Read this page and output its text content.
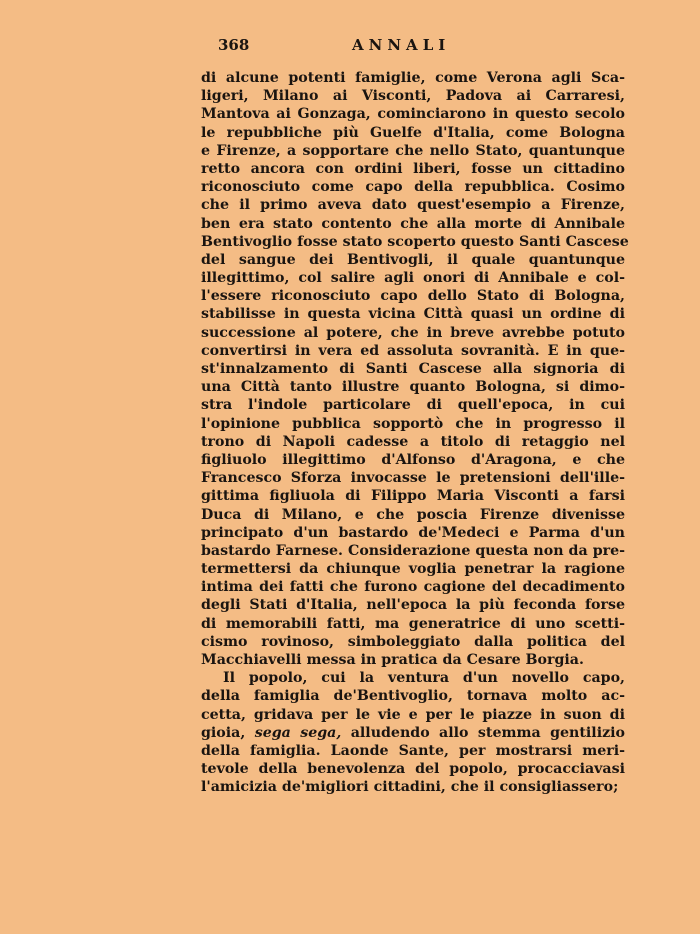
368	ANNALI
di alcune potenti famiglie, come Verona agli Sca-
ligeri, Milano ai Visconti, Padova ai Carraresi,
Mantova ai Gonzaga, cominciarono in questo secolo
le repubbliche più Guelfe d'Italia, come Bologna
e Firenze, a sopportare che nello Stato, quantunque
retto ancora con ordini liberi, fosse un cittadino
riconosciuto come capo della repubblica. Cosimo
che il primo aveva dato quest'esempio a Firenze,
ben era stato contento che alla morte di Annibale
Bentivoglio fosse stato scoperto questo Santi Cascese
del sangue dei Bentivogli, il quale quantunque
illegittimo, col salire agli onori di Annibale e col-
l'essere riconosciuto capo dello Stato di Bologna,
stabilisse in questa vicina Città quasi un ordine di
successione al potere, che in breve avrebbe potuto
convertirsi in vera ed assoluta sovranità. E in que-
st'innalzamento di Santi Cascese alla signoria di
una Città tanto illustre quanto Bologna, si dimo-
stra l'indole particolare di quell'epoca, in cui
l'opinione pubblica sopportò che in progresso il
trono di Napoli cadesse a titolo di retaggio nel
figliuolo illegittimo d'Alfonso d'Aragona, e che
Francesco Sforza invocasse le pretensioni dell'ille-
gittima figliuola di Filippo Maria Visconti a farsi
Duca di Milano, e che poscia Firenze divenisse
principato d'un bastardo de'Medeci e Parma d'un
bastardo Farnese. Considerazione questa non da pre-
termettersi da chiunque voglia penetrar la ragione
intima dei fatti che furono cagione del decadimento
degli Stati d'Italia, nell'epoca la più feconda forse
di memorabili fatti, ma generatrice di uno scetti-
cismo rovinoso, simboleggiato dalla politica del
Macchiavelli messa in pratica da Cesare Borgia.
Il popolo, cui la ventura d'un novello capo,
della famiglia de'Bentivoglio, tornava molto ac-
cetta, gridava per le vie e per le piazze in suon di
gioia, sega sega, alludendo allo stemma gentilizio
della famiglia. Laonde Sante, per mostrarsi meri-
tevole della benevolenza del popolo, procacciavasi
l'amicizia de'migliori cittadini, che il consigliassero;
